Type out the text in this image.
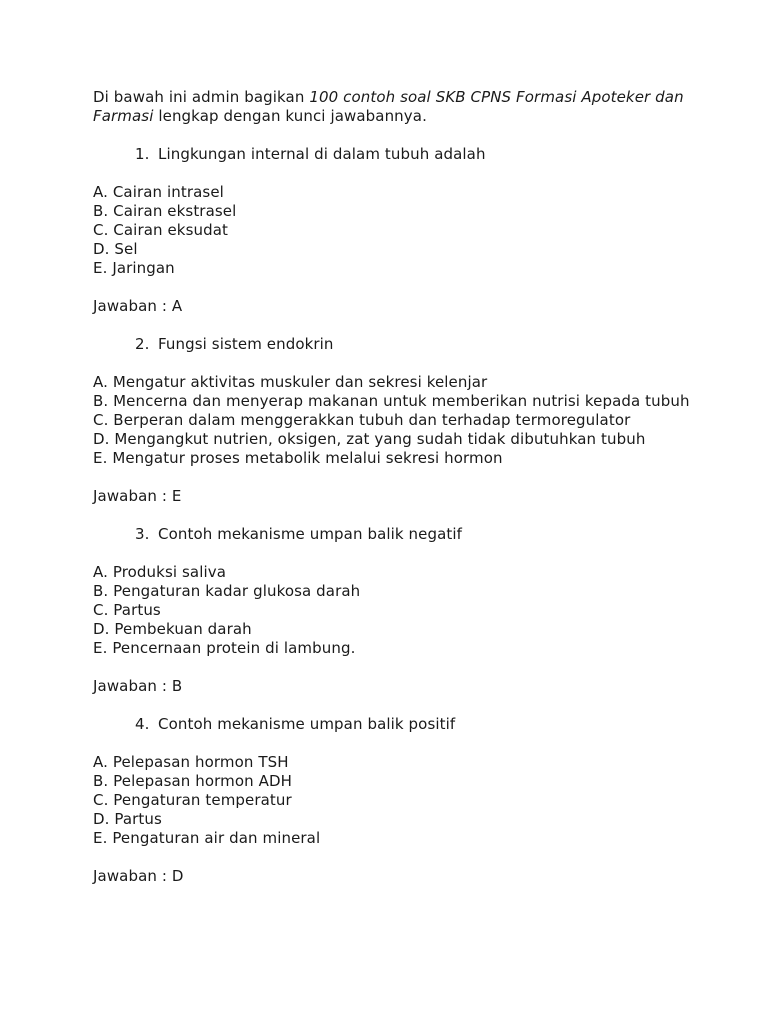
Di bawah ini admin bagikan 100 contoh soal SKB CPNS Formasi Apoteker dan Farmasi lengkap dengan kunci jawabannya.

1. Lingkungan internal di dalam tubuh adalah
A. Cairan intrasel
B. Cairan ekstrasel
C. Cairan eksudat
D. Sel
E. Jaringan
Jawaban : A
2. Fungsi sistem endokrin
A. Mengatur aktivitas muskuler dan sekresi kelenjar
B. Mencerna dan menyerap makanan untuk memberikan nutrisi kepada tubuh
C. Berperan dalam menggerakkan tubuh dan terhadap termoregulator
D. Mengangkut nutrien, oksigen, zat yang sudah tidak dibutuhkan tubuh
E. Mengatur proses metabolik melalui sekresi hormon
Jawaban : E
3. Contoh mekanisme umpan balik negatif
A. Produksi saliva
B. Pengaturan kadar glukosa darah
C. Partus
D. Pembekuan darah
E. Pencernaan protein di lambung.
Jawaban : B
4. Contoh mekanisme umpan balik positif
A. Pelepasan hormon TSH
B. Pelepasan hormon ADH
C. Pengaturan temperatur
D. Partus
E. Pengaturan air dan mineral
Jawaban : D
